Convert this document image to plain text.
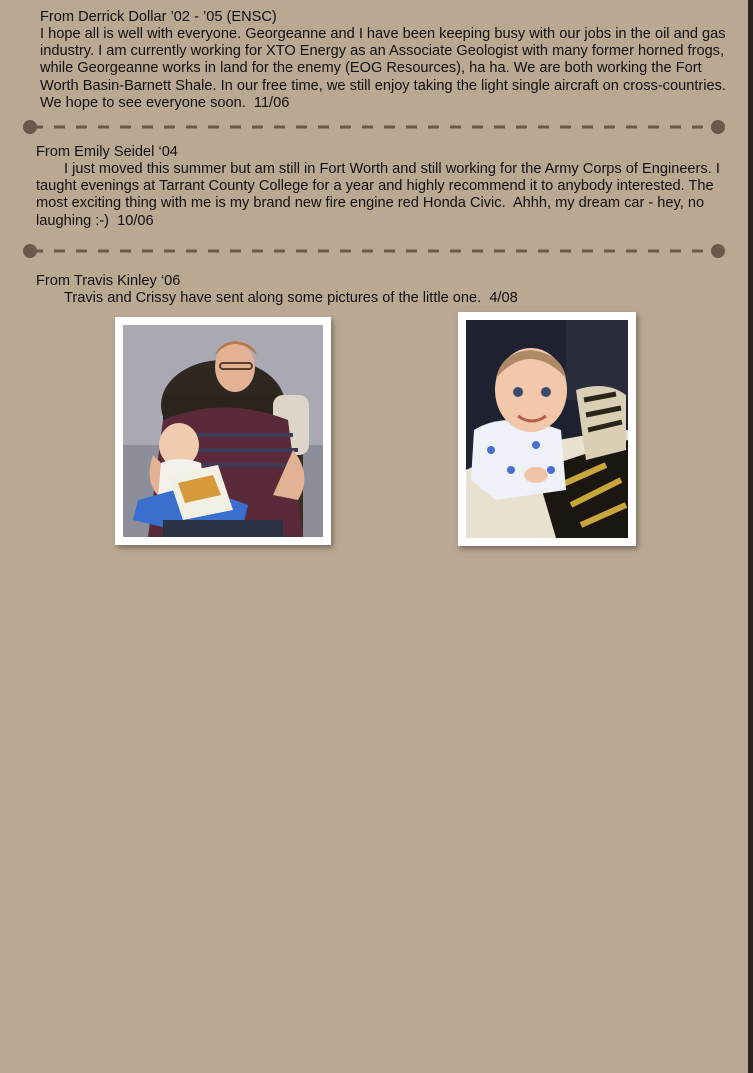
From Derrick Dollar ’02 - ’05 (ENSC)

I hope all is well with everyone. Georgeanne and I have been keeping busy with our jobs in the oil and gas industry. I am currently working for XTO Energy as an Associate Geologist with many former horned frogs, while Georgeanne works in land for the enemy (EOG Resources), ha ha. We are both working the Fort Worth Basin-Barnett Shale. In our free time, we still enjoy taking the light single aircraft on cross-countries. We hope to see everyone soon.  11/06

From Emily Seidel ‘04

I just moved this summer but am still in Fort Worth and still working for the Army Corps of Engineers. I taught evenings at Tarrant County College for a year and highly recommend it to anybody interested. The most exciting thing with me is my brand new fire engine red Honda Civic.  Ahhh, my dream car - hey, no laughing :-)  10/06

From Travis Kinley ‘06

Travis and Crissy have sent along some pictures of the little one.  4/08
